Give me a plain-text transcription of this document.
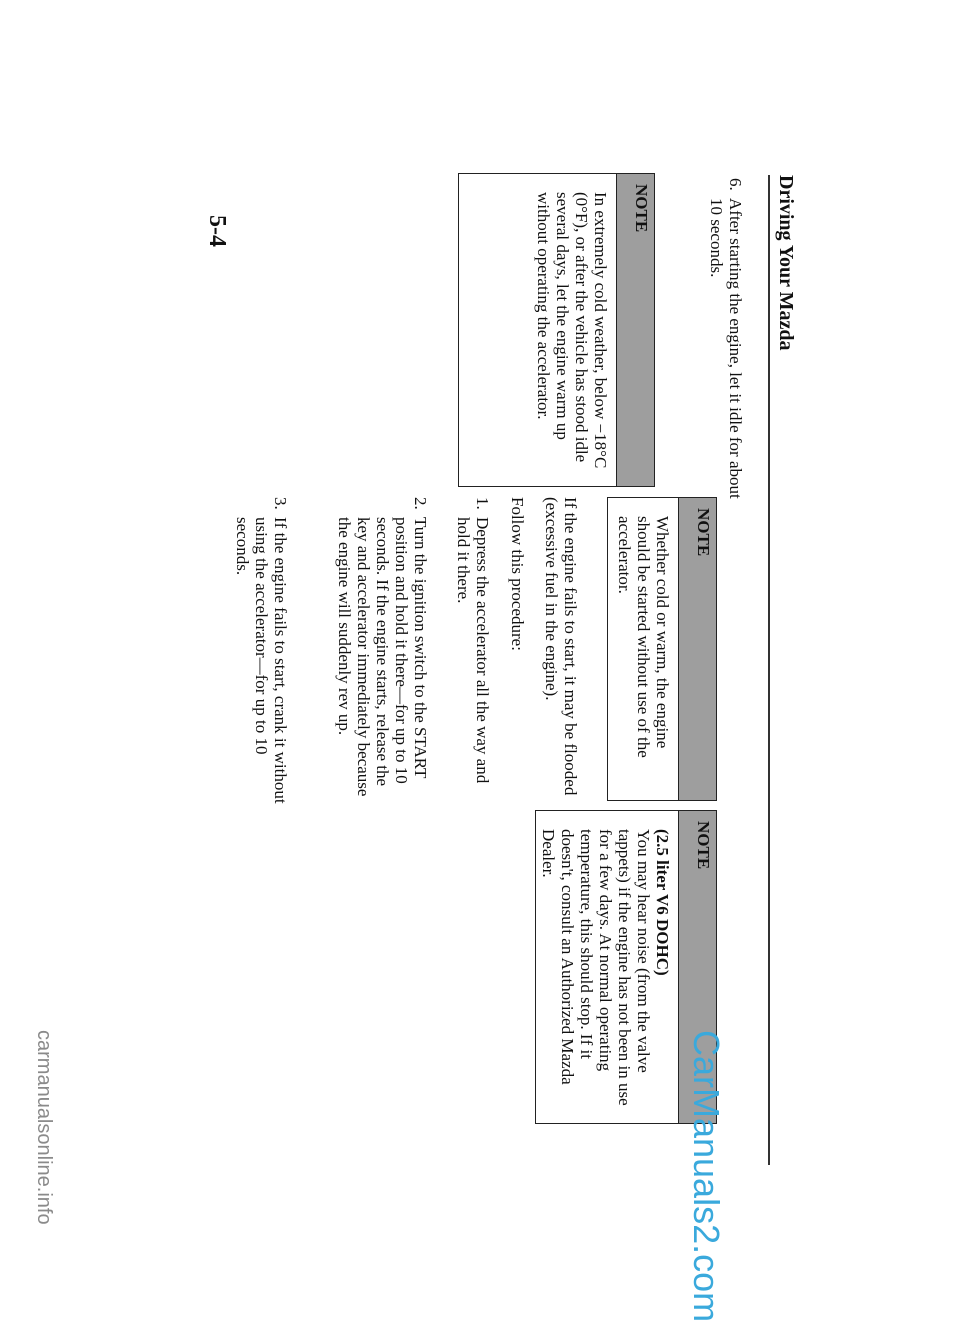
Driving Your Mazda
6.
After starting the engine, let it idle for about 10 seconds.
NOTE
In extremely cold weather, below −18°C (0°F), or after the vehicle has stood idle several days, let the engine warm up without operating the accelerator.
5-4
NOTE
Whether cold or warm, the engine should be started without use of the accelerator.
If the engine fails to start, it may be flooded (excessive fuel in the engine).
Follow this procedure:
1.
Depress the accelerator all the way and hold it there.
2.
Turn the ignition switch to the START position and hold it there—for up to 10 seconds. If the engine starts, release the key and accelerator immediately because the engine will suddenly rev up.
3.
If the engine fails to start, crank it without using the accelerator—for up to 10 seconds.
NOTE
(2.5 liter V6 DOHC)
You may hear noise (from the valve tappets) if the engine has not been in use for a few days. At normal operating temperature, this should stop. If it doesn't, consult an Authorized Mazda Dealer.
CarManuals2.com
carmanualsonline.info
